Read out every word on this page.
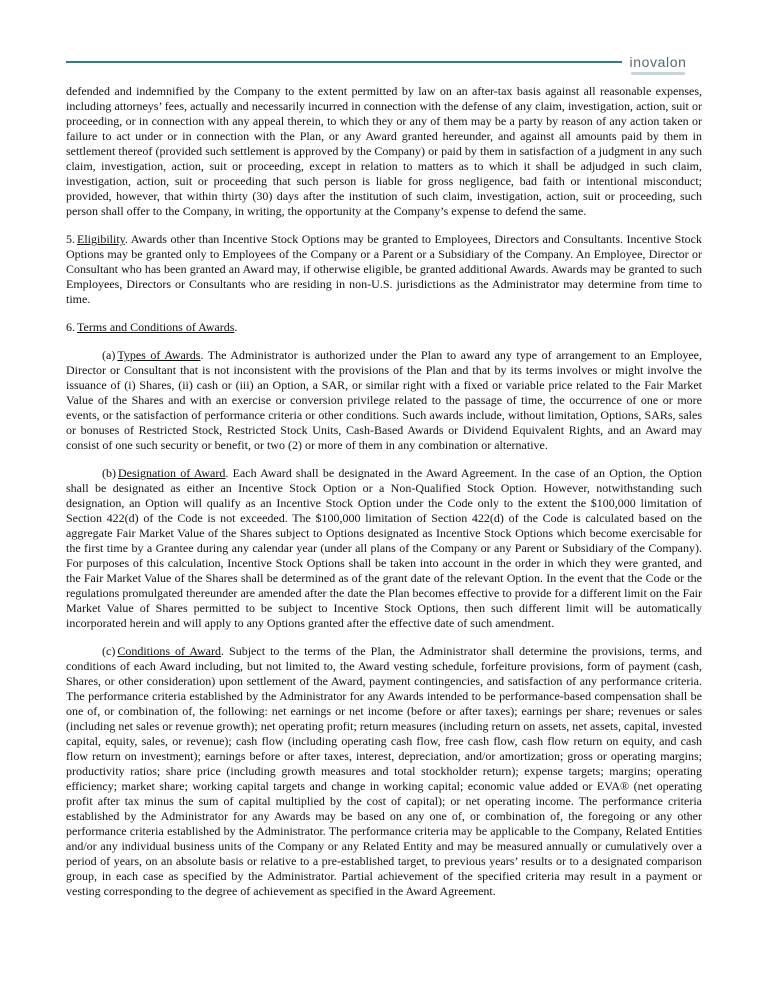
inovalon

defended and indemnified by the Company to the extent permitted by law on an after-tax basis against all reasonable expenses, including attorneys’ fees, actually and necessarily incurred in connection with the defense of any claim, investigation, action, suit or proceeding, or in connection with any appeal therein, to which they or any of them may be a party by reason of any action taken or failure to act under or in connection with the Plan, or any Award granted hereunder, and against all amounts paid by them in settlement thereof (provided such settlement is approved by the Company) or paid by them in satisfaction of a judgment in any such claim, investigation, action, suit or proceeding, except in relation to matters as to which it shall be adjudged in such claim, investigation, action, suit or proceeding that such person is liable for gross negligence, bad faith or intentional misconduct; provided, however, that within thirty (30) days after the institution of such claim, investigation, action, suit or proceeding, such person shall offer to the Company, in writing, the opportunity at the Company’s expense to defend the same.

5. Eligibility. Awards other than Incentive Stock Options may be granted to Employees, Directors and Consultants. Incentive Stock Options may be granted only to Employees of the Company or a Parent or a Subsidiary of the Company. An Employee, Director or Consultant who has been granted an Award may, if otherwise eligible, be granted additional Awards. Awards may be granted to such Employees, Directors or Consultants who are residing in non-U.S. jurisdictions as the Administrator may determine from time to time.

6. Terms and Conditions of Awards.

(a) Types of Awards. The Administrator is authorized under the Plan to award any type of arrangement to an Employee, Director or Consultant that is not inconsistent with the provisions of the Plan and that by its terms involves or might involve the issuance of (i) Shares, (ii) cash or (iii) an Option, a SAR, or similar right with a fixed or variable price related to the Fair Market Value of the Shares and with an exercise or conversion privilege related to the passage of time, the occurrence of one or more events, or the satisfaction of performance criteria or other conditions. Such awards include, without limitation, Options, SARs, sales or bonuses of Restricted Stock, Restricted Stock Units, Cash-Based Awards or Dividend Equivalent Rights, and an Award may consist of one such security or benefit, or two (2) or more of them in any combination or alternative.

(b) Designation of Award. Each Award shall be designated in the Award Agreement. In the case of an Option, the Option shall be designated as either an Incentive Stock Option or a Non-Qualified Stock Option. However, notwithstanding such designation, an Option will qualify as an Incentive Stock Option under the Code only to the extent the $100,000 limitation of Section 422(d) of the Code is not exceeded. The $100,000 limitation of Section 422(d) of the Code is calculated based on the aggregate Fair Market Value of the Shares subject to Options designated as Incentive Stock Options which become exercisable for the first time by a Grantee during any calendar year (under all plans of the Company or any Parent or Subsidiary of the Company). For purposes of this calculation, Incentive Stock Options shall be taken into account in the order in which they were granted, and the Fair Market Value of the Shares shall be determined as of the grant date of the relevant Option. In the event that the Code or the regulations promulgated thereunder are amended after the date the Plan becomes effective to provide for a different limit on the Fair Market Value of Shares permitted to be subject to Incentive Stock Options, then such different limit will be automatically incorporated herein and will apply to any Options granted after the effective date of such amendment.

(c) Conditions of Award. Subject to the terms of the Plan, the Administrator shall determine the provisions, terms, and conditions of each Award including, but not limited to, the Award vesting schedule, forfeiture provisions, form of payment (cash, Shares, or other consideration) upon settlement of the Award, payment contingencies, and satisfaction of any performance criteria. The performance criteria established by the Administrator for any Awards intended to be performance-based compensation shall be one of, or combination of, the following: net earnings or net income (before or after taxes); earnings per share; revenues or sales (including net sales or revenue growth); net operating profit; return measures (including return on assets, net assets, capital, invested capital, equity, sales, or revenue); cash flow (including operating cash flow, free cash flow, cash flow return on equity, and cash flow return on investment); earnings before or after taxes, interest, depreciation, and/or amortization; gross or operating margins; productivity ratios; share price (including growth measures and total stockholder return); expense targets; margins; operating efficiency; market share; working capital targets and change in working capital; economic value added or EVA® (net operating profit after tax minus the sum of capital multiplied by the cost of capital); or net operating income. The performance criteria established by the Administrator for any Awards may be based on any one of, or combination of, the foregoing or any other performance criteria established by the Administrator. The performance criteria may be applicable to the Company, Related Entities and/or any individual business units of the Company or any Related Entity and may be measured annually or cumulatively over a period of years, on an absolute basis or relative to a pre-established target, to previous years’ results or to a designated comparison group, in each case as specified by the Administrator. Partial achievement of the specified criteria may result in a payment or vesting corresponding to the degree of achievement as specified in the Award Agreement.
